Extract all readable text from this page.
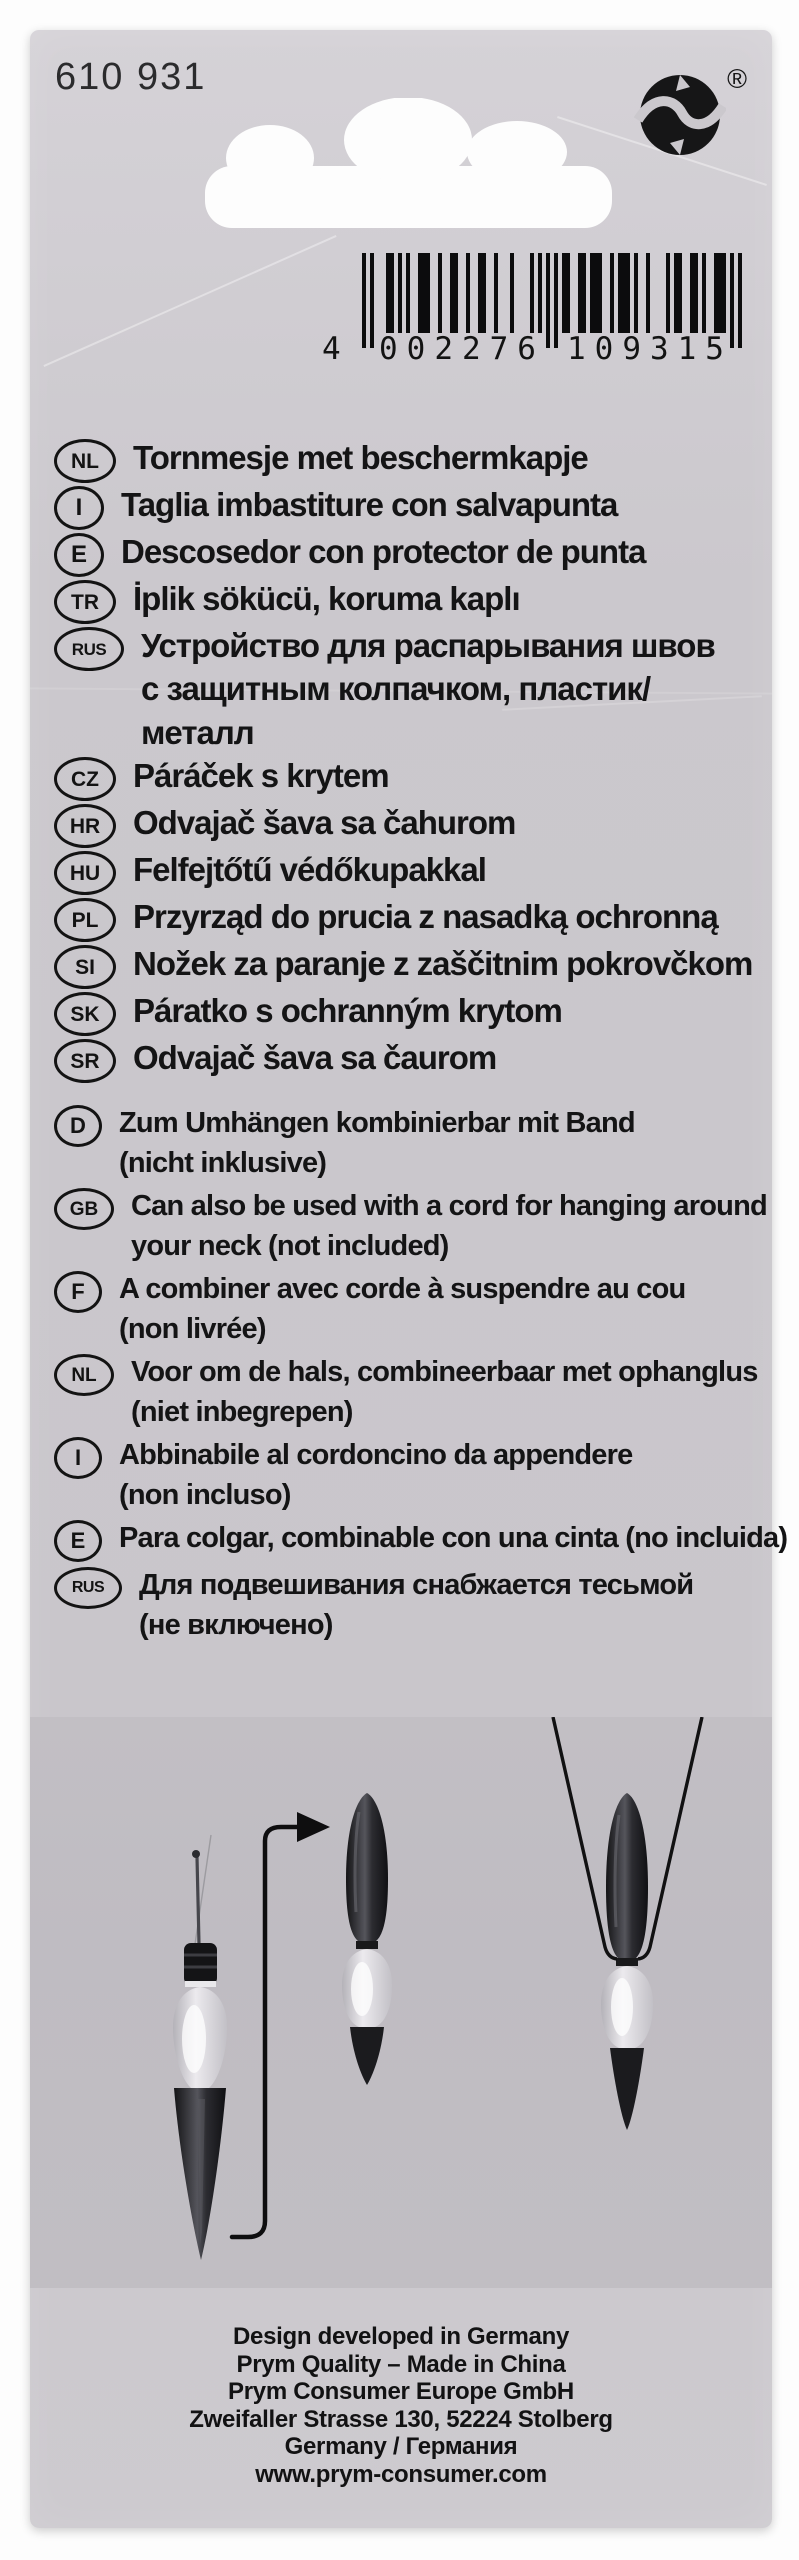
610 931	®
4 0 0 2 2 7 6 1 0 9 3 1 5
NL Tornmesje met beschermkapje
I Taglia imbastiture con salvapunta
E Descosedor con protector de punta
TR İplik sökücü, koruma kaplı
RUS Устройство для распарывания швов
с защитным колпачком, пластик/
металл
CZ Páráček s krytem
HR Odvajač šava sa čahurom
HU Felfejtőtű védőkupakkal
PL Przyrząd do prucia z nasadką ochronną
SI Nožek za paranje z zaščitnim pokrovčkom
SK Páratko s ochranným krytom
SR Odvajač šava sa čaurom
D Zum Umhängen kombinierbar mit Band
(nicht inklusive)
GB Can also be used with a cord for hanging around
your neck (not included)
F A combiner avec corde à suspendre au cou
(non livrée)
NL Voor om de hals, combineerbaar met ophanglus
(niet inbegrepen)
I Abbinabile al cordoncino da appendere
(non incluso)
E Para colgar, combinable con una cinta (no incluida)
RUS Для подвешивания снабжается тесьмой
(не включено)
Design developed in Germany
Prym Quality – Made in China
Prym Consumer Europe GmbH
Zweifaller Strasse 130, 52224 Stolberg
Germany / Германия
www.prym-consumer.com
